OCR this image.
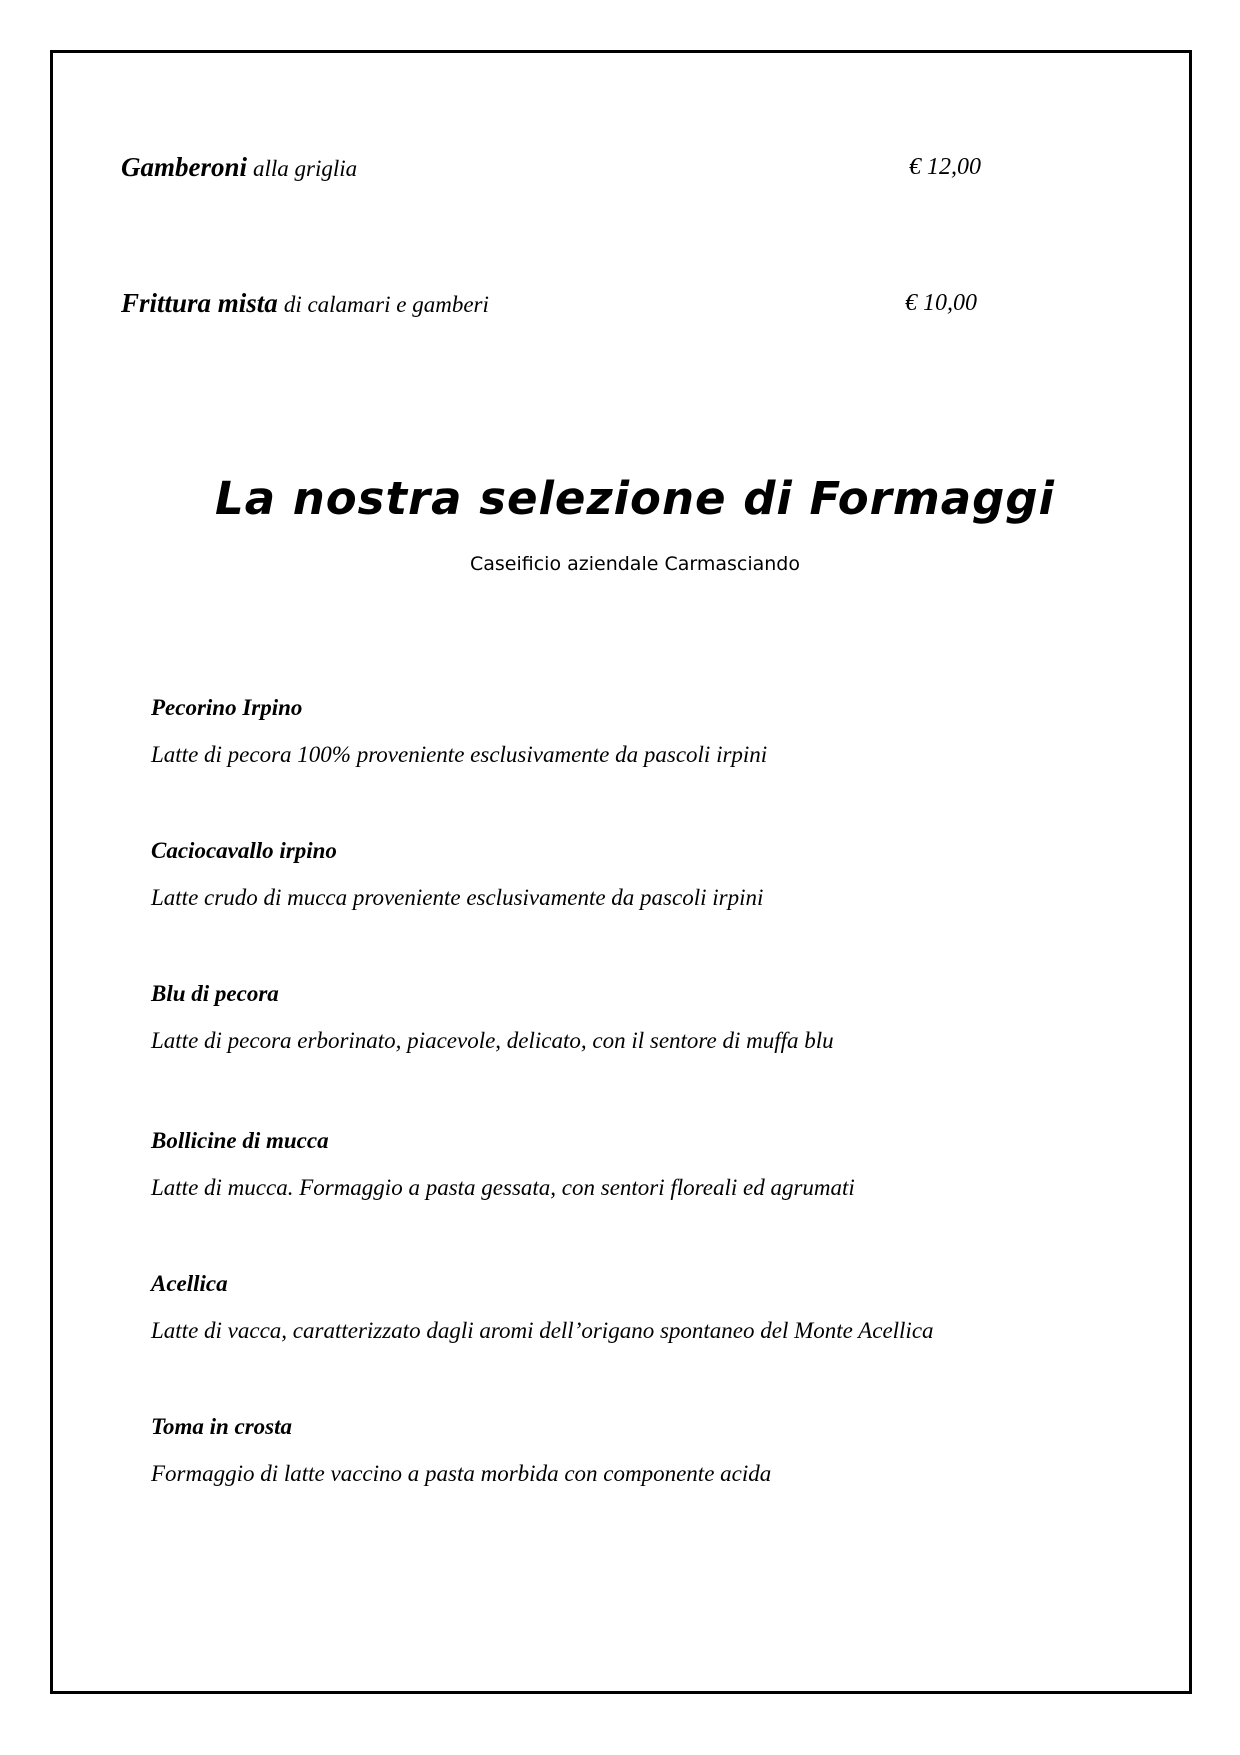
Gamberoni alla griglia	€ 12,00
Frittura mista di calamari e gamberi	€ 10,00
La nostra selezione di Formaggi
Caseificio aziendale Carmasciando
Pecorino Irpino
Latte di pecora 100% proveniente esclusivamente da pascoli irpini
Caciocavallo irpino
Latte crudo di mucca proveniente esclusivamente da pascoli irpini
Blu di pecora
Latte di pecora erborinato, piacevole, delicato, con il sentore di muffa blu
Bollicine di mucca
Latte di mucca. Formaggio a pasta gessata, con sentori floreali ed agrumati
Acellica
Latte di vacca, caratterizzato dagli aromi dell’origano spontaneo del Monte Acellica
Toma in crosta
Formaggio di latte vaccino a pasta morbida con componente acida
